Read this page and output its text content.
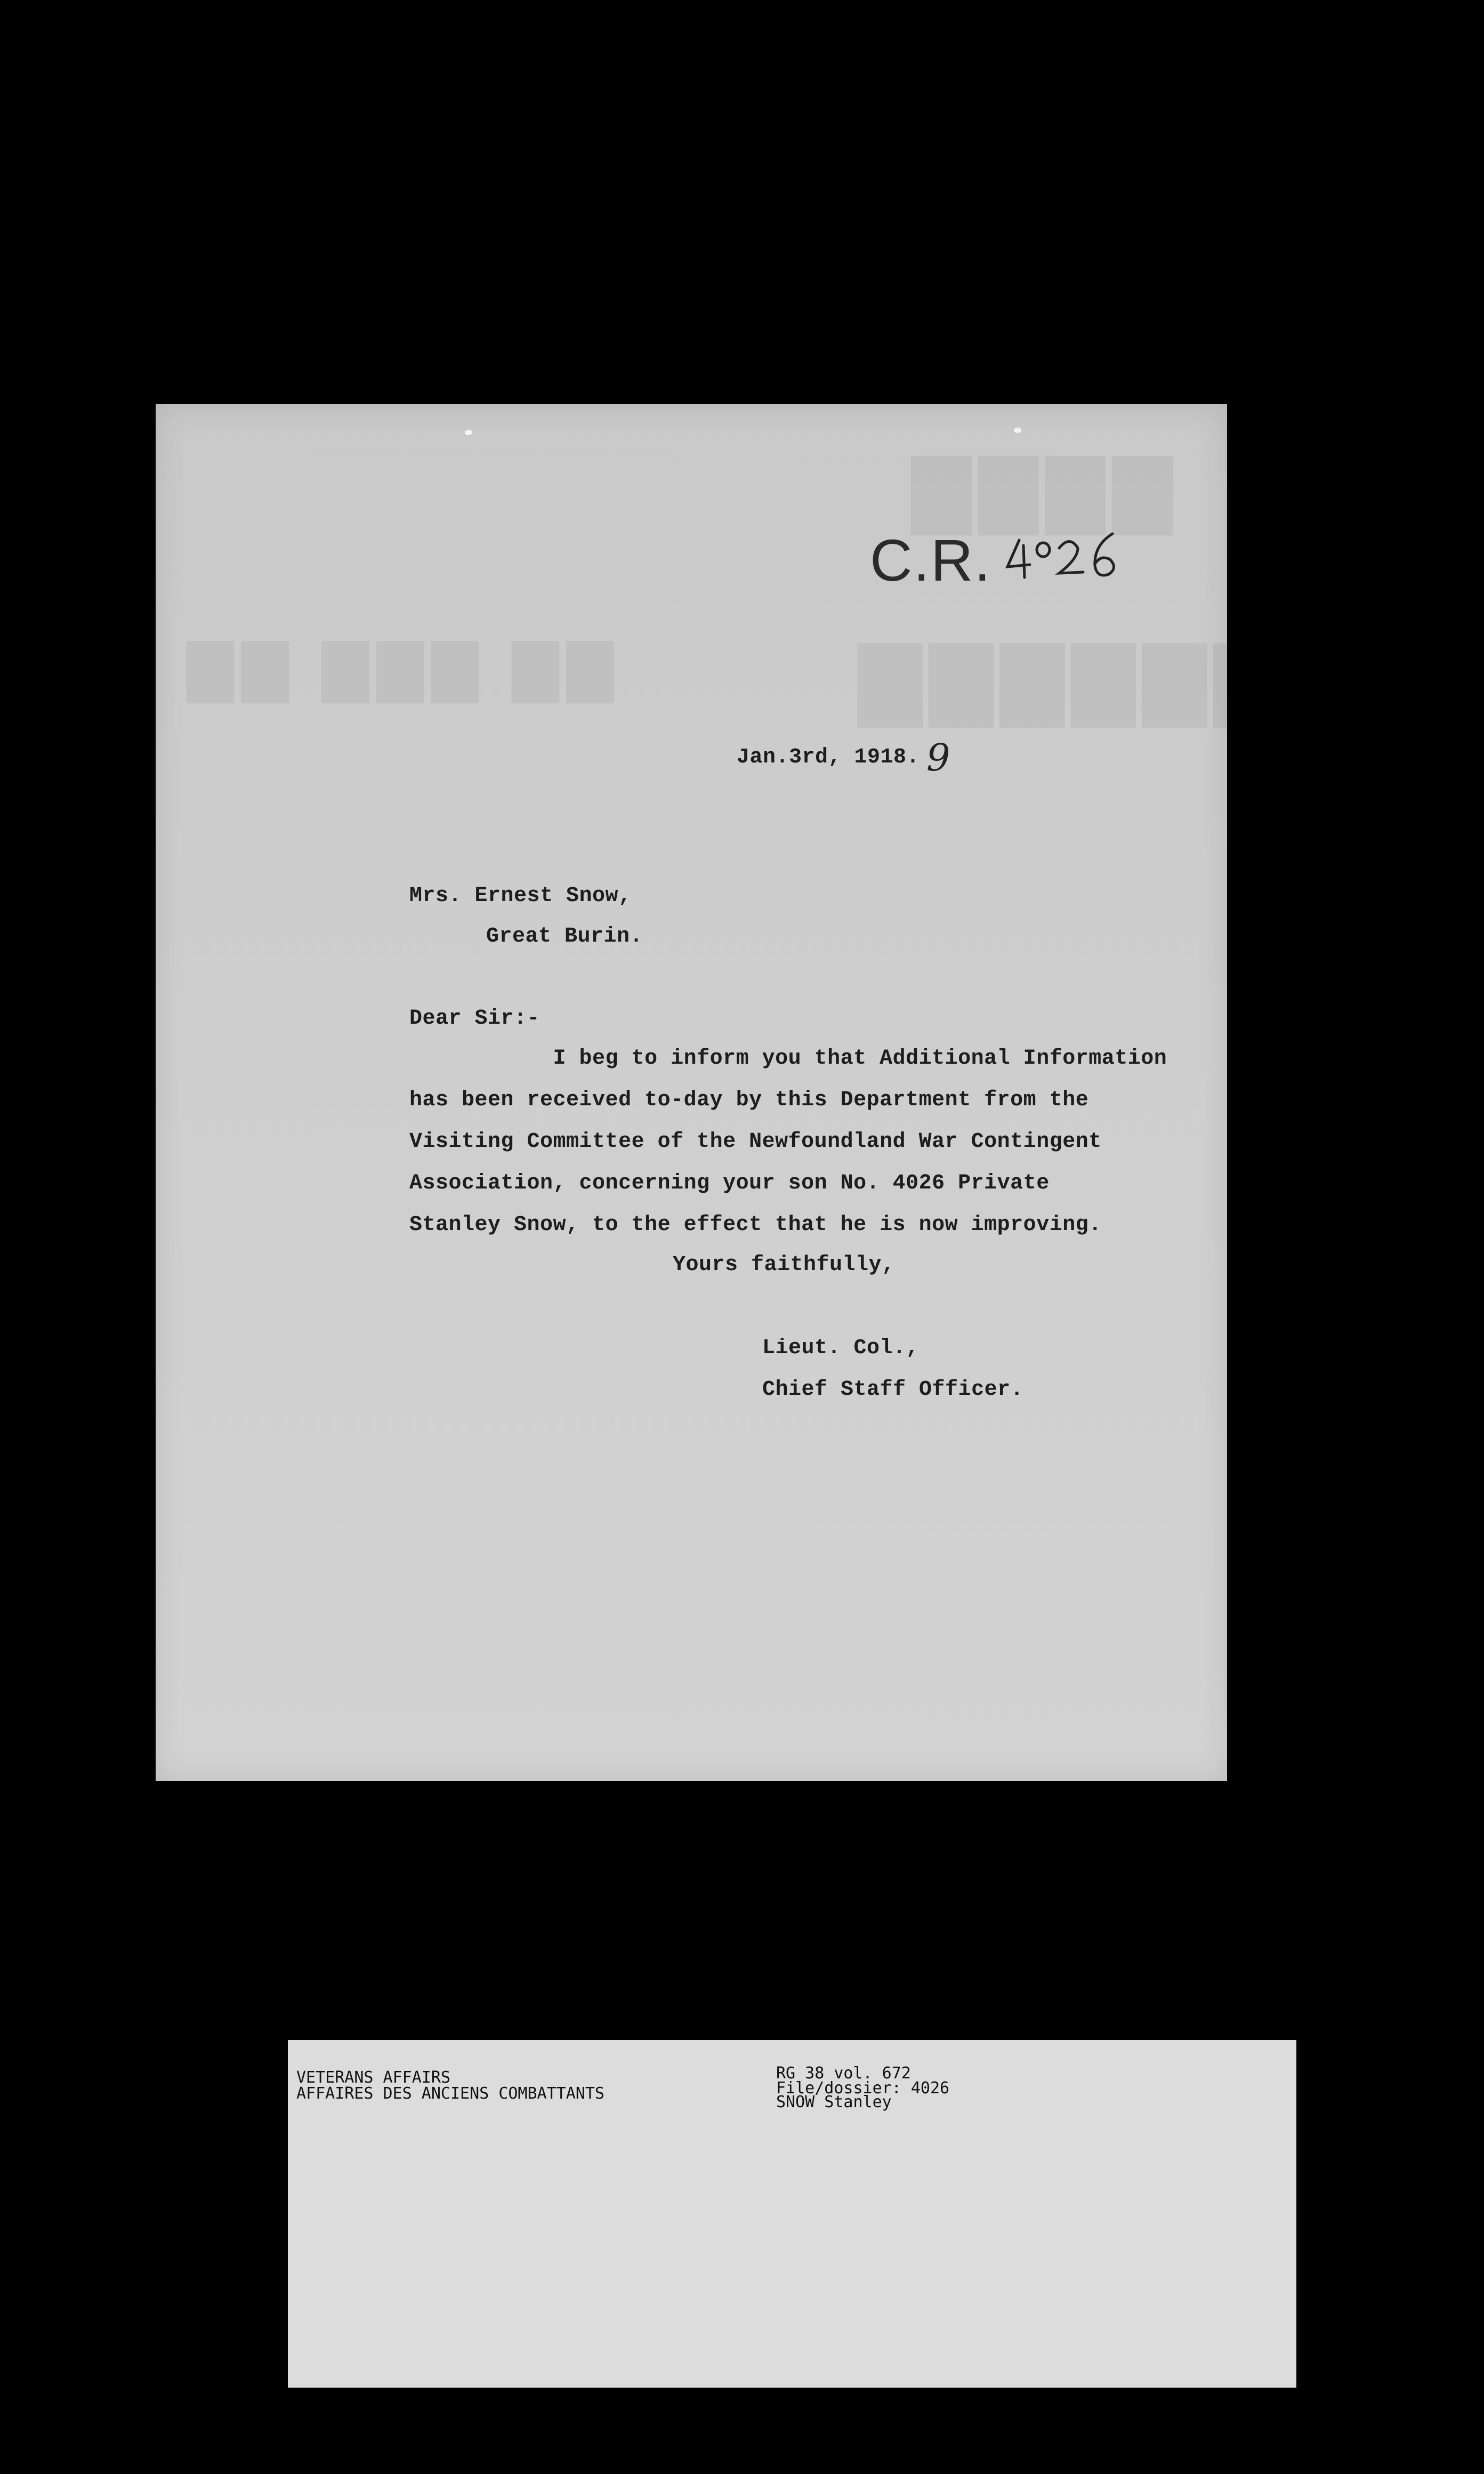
▇▇▇▇
▇▇▇▇▇▇
▇▇ ▇▇▇ ▇▇
C.R.
Jan.3rd, 1918. 9
Mrs. Ernest Snow,
Great Burin.
Dear Sir:-
I beg to inform you that Additional Information
has been received to-day by this Department from the
Visiting Committee of the Newfoundland War Contingent
Association, concerning your son No. 4026 Private
Stanley Snow, to the effect that he is now improving.
Yours faithfully,
Lieut. Col.,
Chief Staff Officer.
VETERANS AFFAIRS
AFFAIRES DES ANCIENS COMBATTANTS
RG 38 vol. 672
File/dossier: 4026
SNOW Stanley
